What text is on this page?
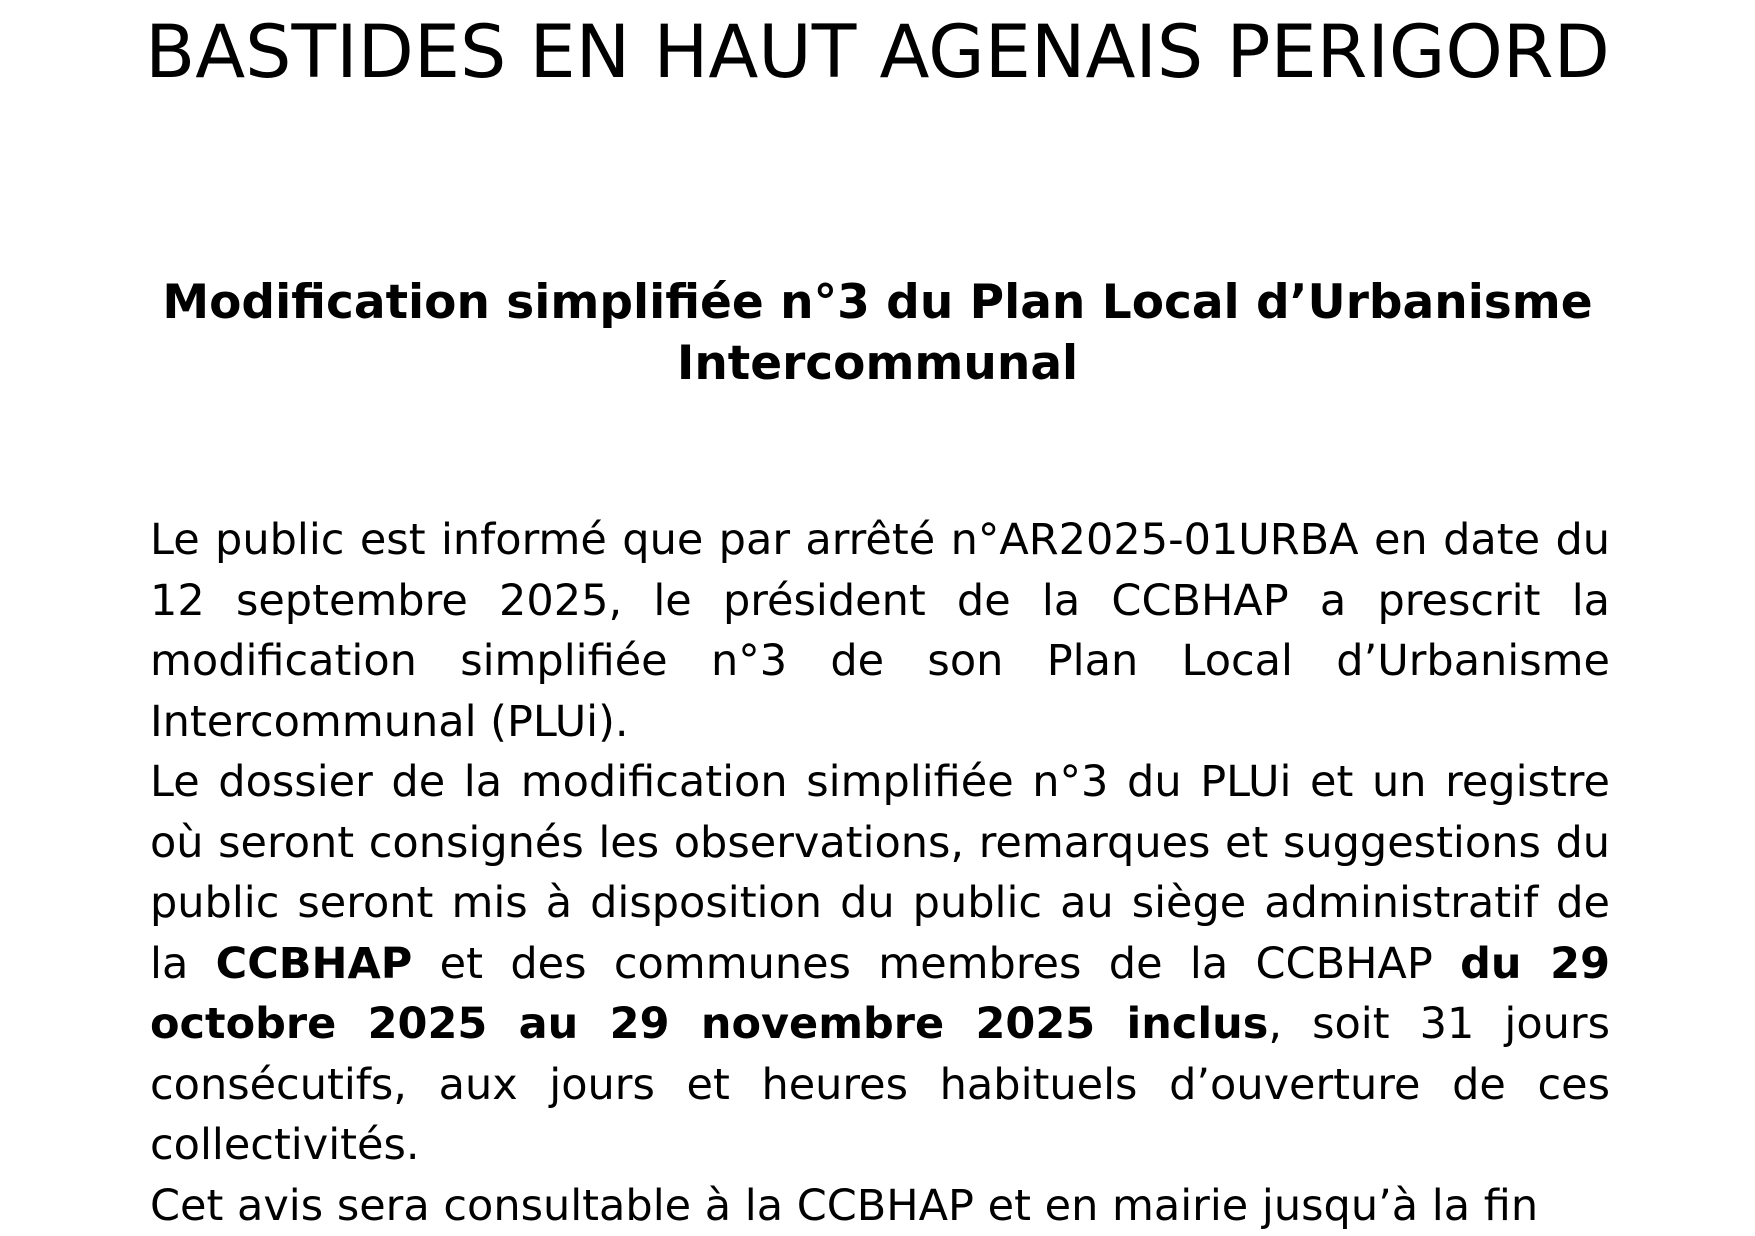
BASTIDES EN HAUT AGENAIS PERIGORD
Modification simplifiée n°3 du Plan Local d’Urbanisme
Intercommunal

Le public est informé que par arrêté n°AR2025-01URBA en date du 12 septembre 2025, le président de la CCBHAP a prescrit la modification simplifiée n°3 de son Plan Local d’Urbanisme Intercommunal (PLUi).

Le dossier de la modification simplifiée n°3 du PLUi et un registre où seront consignés les observations, remarques et suggestions du public seront mis à disposition du public au siège administratif de la CCBHAP et des communes membres de la CCBHAP du 29 octobre 2025 au 29 novembre 2025 inclus, soit 31 jours consécutifs, aux jours et heures habituels d’ouverture de ces collectivités.

Cet avis sera consultable à la CCBHAP et en mairie jusqu’à la fin
